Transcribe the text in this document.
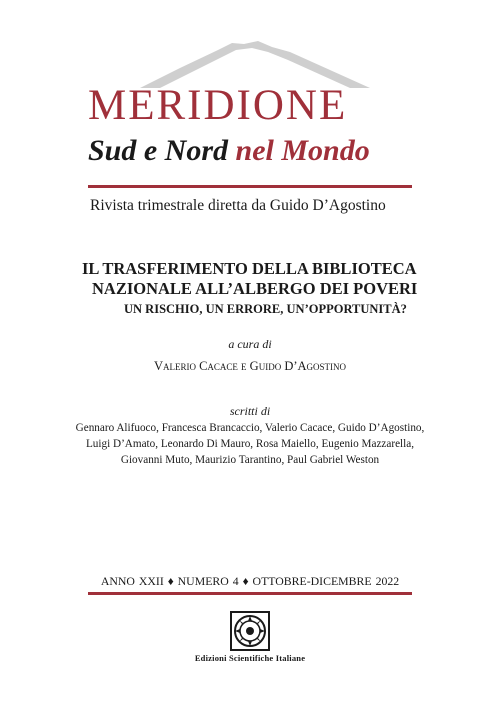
MERIDIONE
Sud e Nord nel Mondo
Rivista trimestrale diretta da Guido D’Agostino
IL TRASFERIMENTO DELLA BIBLIOTECA
NAZIONALE ALL’ALBERGO DEI POVERI
UN RISCHIO, UN ERRORE, UN’OPPORTUNITÀ?
a cura di
Valerio Cacace e Guido D’Agostino
scritti di
Gennaro Alifuoco, Francesca Brancaccio, Valerio Cacace, Guido D’Agostino,
Luigi D’Amato, Leonardo Di Mauro, Rosa Maiello, Eugenio Mazzarella,
Giovanni Muto, Maurizio Tarantino, Paul Gabriel Weston
ANNO XXII ♦ NUMERO 4 ♦ OTTOBRE-DICEMBRE 2022
Edizioni Scientifiche Italiane
